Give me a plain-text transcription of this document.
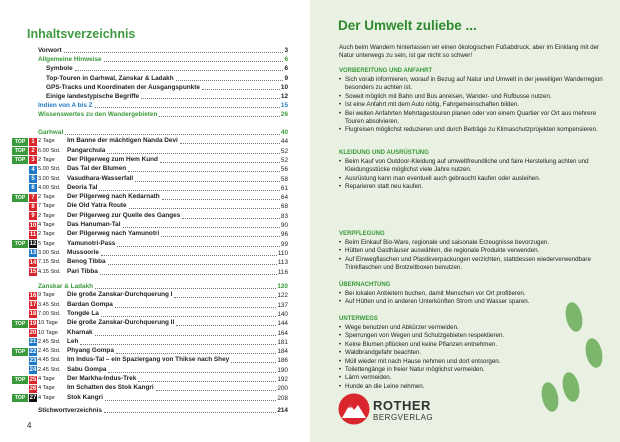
Inhaltsverzeichnis
Vorwort	3
Allgemeine Hinweise	6
Symbole	6
Top-Touren in Garhwal, Zanskar & Ladakh	9
GPS-Tracks und Koordinaten der Ausgangspunkte	10
Einige landestypische Begriffe	12
Indien von A bis Z	15
Wissenswertes zu den Wandergebieten	26
Garhwal	40
TOP	1 2 Tage Im Banne der mächtigen Nanda Devi	44
TOP	2 6.00 Std. Pangarchula	52
TOP	3 2 Tage Der Pilgerweg zum Hem Kund	52
4 5.00 Std. Das Tal der Blumen	56
5 3.00 Std. Vasudhara-Wasserfall	58
6 4.00 Std. Deoria Tal	61
TOP	7 2 Tage Der Pilgerweg nach Kedarnath	64
8 7 Tage Die Old Yatra Route	68
9 2 Tage Der Pilgerweg zur Quelle des Ganges	83
10 4 Tage Das Hanuman-Tal	90
11 2 Tage Der Pilgerweg nach Yamunotri	96
TOP 12 5 Tage Yamunotri-Pass	99
13 3.00 Std. Mussoorie	110
14 7.15 Std. Benog Tibba	113
15 4.15 Std. Pari Tibba	116
Zanskar & Ladakh	120
16 9 Tage Die große Zanskar-Durchquerung I	122
17 3.45 Std. Bardan Gompa	137
18 7.00 Std. Tongde La	140
TOP 19 10 Tage Die große Zanskar-Durchquerung II	144
20 10 Tage Kharnak	164
21 2.45 Std. Leh	181
TOP 22 2.45 Std. Phyang Gompa	184
23 4.45 Std. Im Indus-Tal – ein Spaziergang von Thikse nach Shey	186
24 2.45 Std. Sabu Gompa	190
TOP 25 4 Tage Der Markha-Indus-Trek	192
26 4 Tage Im Schatten des Stok Kangri	200
TOP 27 4 Tage Stok Kangri	208
Stichwortverzeichnis	214
4
Der Umwelt zuliebe ...
Auch beim Wandern hinterlassen wir einen ökologischen Fußabdruck, aber im Einklang mit der Natur unterwegs zu sein, ist gar nicht so schwer!
VORBEREITUNG UND ANFAHRT
• Sich vorab informieren, worauf in Bezug auf Natur und Umwelt in der jeweiligen Wanderregion besonders zu achten ist.
• Soweit möglich mit Bahn und Bus anreisen, Wander- und Rufbusse nutzen.
• Ist eine Anfahrt mit dem Auto nötig, Fahrgemeinschaften bilden.
• Bei weiten Anfahrten Mehrtagestouren planen oder von einem Quartier vor Ort aus mehrere Touren absolvieren.
• Flugreisen möglichst reduzieren und durch Beiträge zu Klimaschutzprojekten kompensieren.
KLEIDUNG UND AUSRÜSTUNG
• Beim Kauf von Outdoor-Kleidung auf umweltfreundliche und faire Herstellung achten und Kleidungsstücke möglichst viele Jahre nutzen.
• Ausrüstung kann man eventuell auch gebraucht kaufen oder ausleihen.
• Reparieren statt neu kaufen.
VERPFLEGUNG
• Beim Einkauf Bio-Ware, regionale und saisonale Erzeugnisse bevorzugen.
• Hütten und Gasthäuser auswählen, die regionale Produkte verwenden.
• Auf Einwegflaschen und Plastikverpackungen verzichten, stattdessen wiederverwendbare Trinkflaschen und Brotzeitboxen benutzen.
ÜBERNACHTUNG
• Bei lokalen Anbietern buchen, damit Menschen vor Ort profitieren.
• Auf Hütten und in anderen Unterkünften Strom und Wasser sparen.
UNTERWEGS
• Wege benutzen und Abkürzer vermeiden.
• Sperrungen von Wegen und Schutzgebieten respektieren.
• Keine Blumen pflücken und keine Pflanzen entnehmen.
• Waldbrandgefahr beachten.
• Müll wieder mit nach Hause nehmen und dort entsorgen.
• Toilettengänge in freier Natur möglichst vermeiden.
• Lärm vermeiden.
• Hunde an die Leine nehmen.
ROTHER
BERGVERLAG
